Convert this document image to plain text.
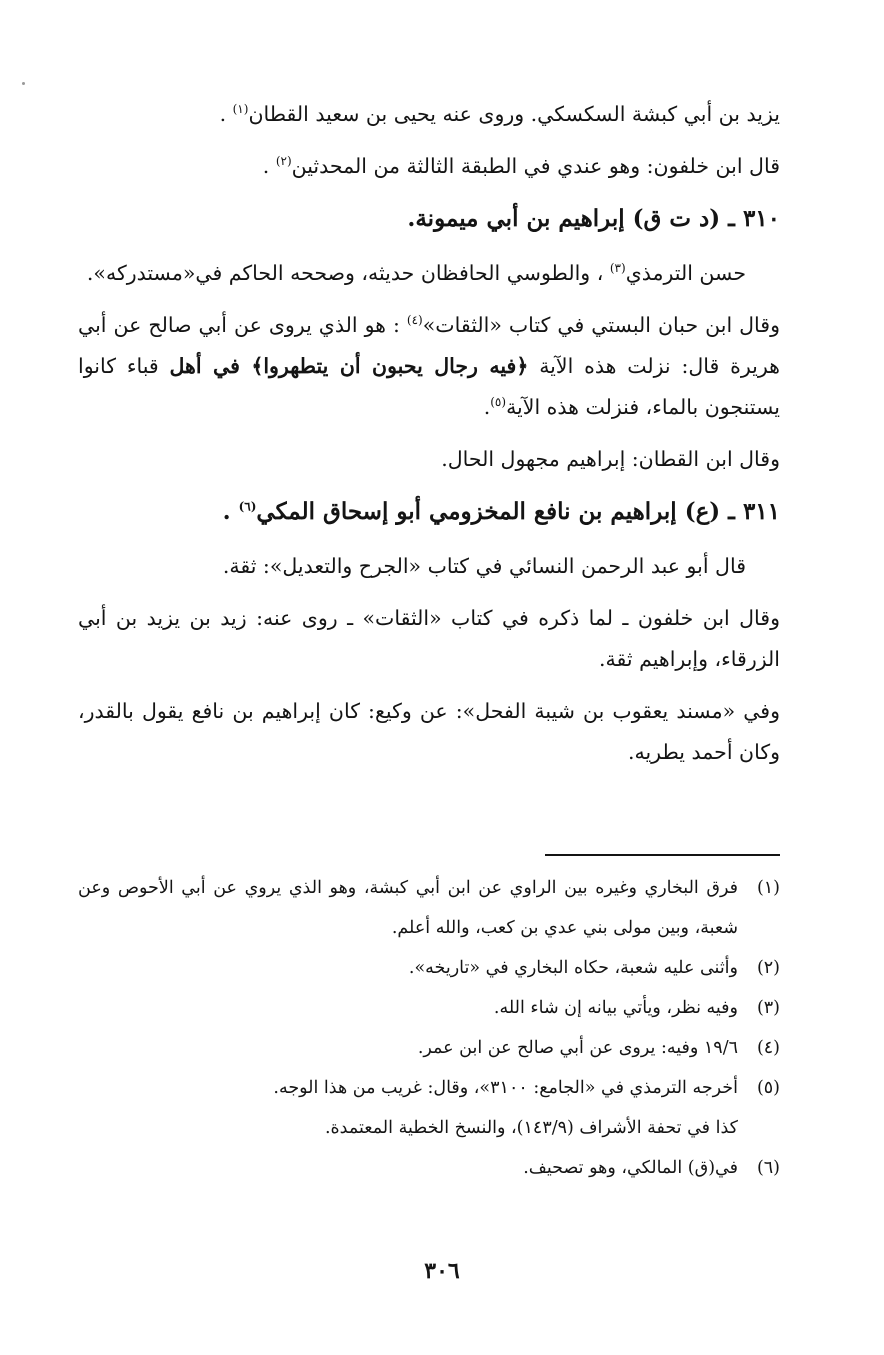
يزيد بن أبي كبشة السكسكي. وروى عنه يحيى بن سعيد القطان$^{(١)}$ .

قال ابن خلفون: وهو عندي في الطبقة الثالثة من المحدثين$^{(٢)}$ .

٣١٠ ـ (د ت ق) إبراهيم بن أبي ميمونة.

حسن الترمذي$^{(٣)}$ ، والطوسي الحافظان حديثه، وصححه الحاكم في«مستدركه».

وقال ابن حبان البستي في كتاب «الثقات»$^{(٤)}$ : هو الذي يروى عن أبي صالح عن أبي هريرة قال: نزلت هذه الآية ﴿فيه رجال يحبون أن يتطهروا﴾ في أهل قباء كانوا يستنجون بالماء، فنزلت هذه الآية$^{(٥)}$.

وقال ابن القطان: إبراهيم مجهول الحال.

٣١١ ـ (ع) إبراهيم بن نافع المخزومي أبو إسحاق المكي$^{(٦)}$ .

قال أبو عبد الرحمن النسائي في كتاب «الجرح والتعديل»: ثقة.

وقال ابن خلفون ـ لما ذكره في كتاب «الثقات» ـ روى عنه: زيد بن يزيد بن أبي الزرقاء، وإبراهيم ثقة.

وفي «مسند يعقوب بن شيبة الفحل»: عن وكيع: كان إبراهيم بن نافع يقول بالقدر، وكان أحمد يطريه.

(١)
فرق البخاري وغيره بين الراوي عن ابن أبي كبشة، وهو الذي يروي عن أبي الأحوص وعن شعبة، وبين مولى بني عدي بن كعب، والله أعلم.
(٢)
وأثنى عليه شعبة، حكاه البخاري في «تاريخه».
(٣)
وفيه نظر، ويأتي بيانه إن شاء الله.
(٤)
١٩/٦ وفيه: يروى عن أبي صالح عن ابن عمر.
(٥)
أخرجه الترمذي في «الجامع: ٣١٠٠»، وقال: غريب من هذا الوجه.
كذا في تحفة الأشراف (١٤٣/٩)، والنسخ الخطية المعتمدة.
(٦)
في(ق) المالكي، وهو تصحيف.
٣٠٦
